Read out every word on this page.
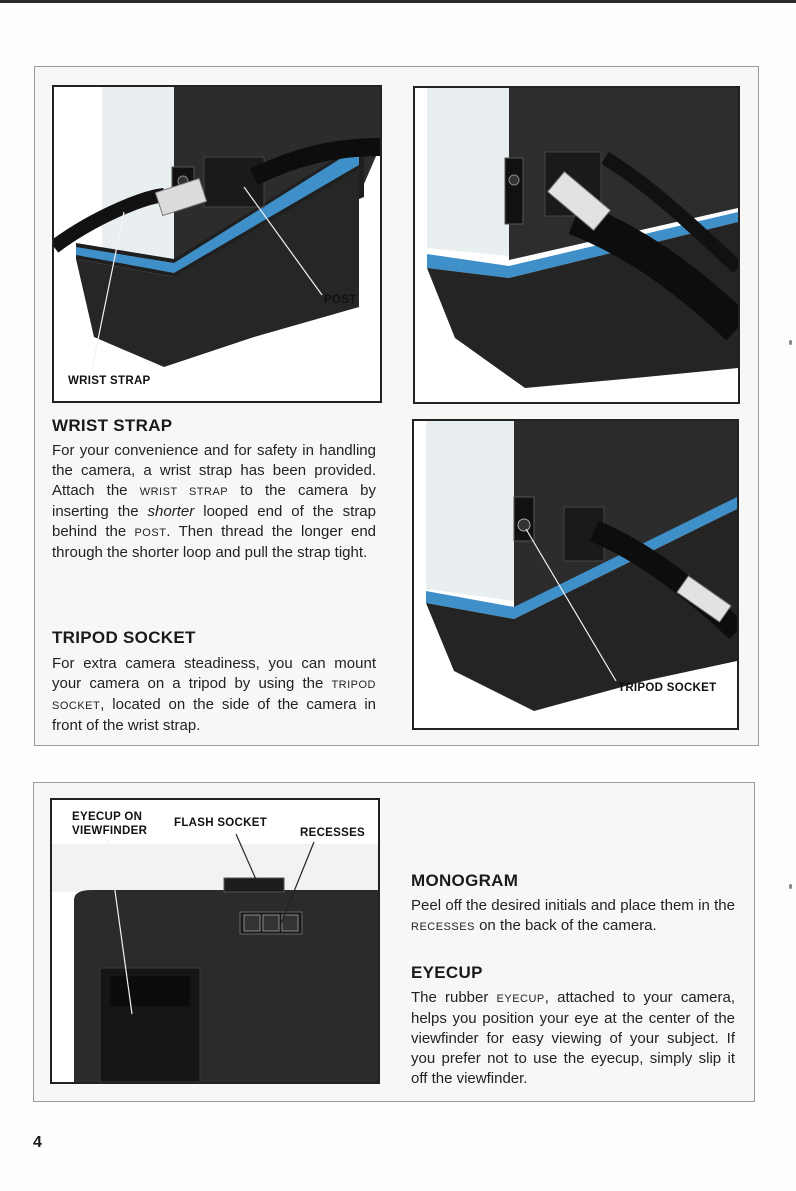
POST
WRIST STRAP
TRIPOD SOCKET
WRIST STRAP

For your convenience and for safety in handling the camera, a wrist strap has been provided. Attach the WRIST STRAP to the camera by inserting the shorter looped end of the strap behind the POST. Then thread the longer end through the shorter loop and pull the strap tight.

TRIPOD SOCKET

For extra camera steadiness, you can mount your camera on a tripod by using the TRIPOD SOCKET, located on the side of the camera in front of the wrist strap.

EYECUP ON
VIEWFINDER
FLASH SOCKET
RECESSES
MONOGRAM

Peel off the desired initials and place them in the RECESSES on the back of the camera.

EYECUP

The rubber EYECUP, attached to your camera, helps you position your eye at the center of the viewfinder for easy viewing of your subject. If you prefer not to use the eyecup, simply slip it off the viewfinder.

4
